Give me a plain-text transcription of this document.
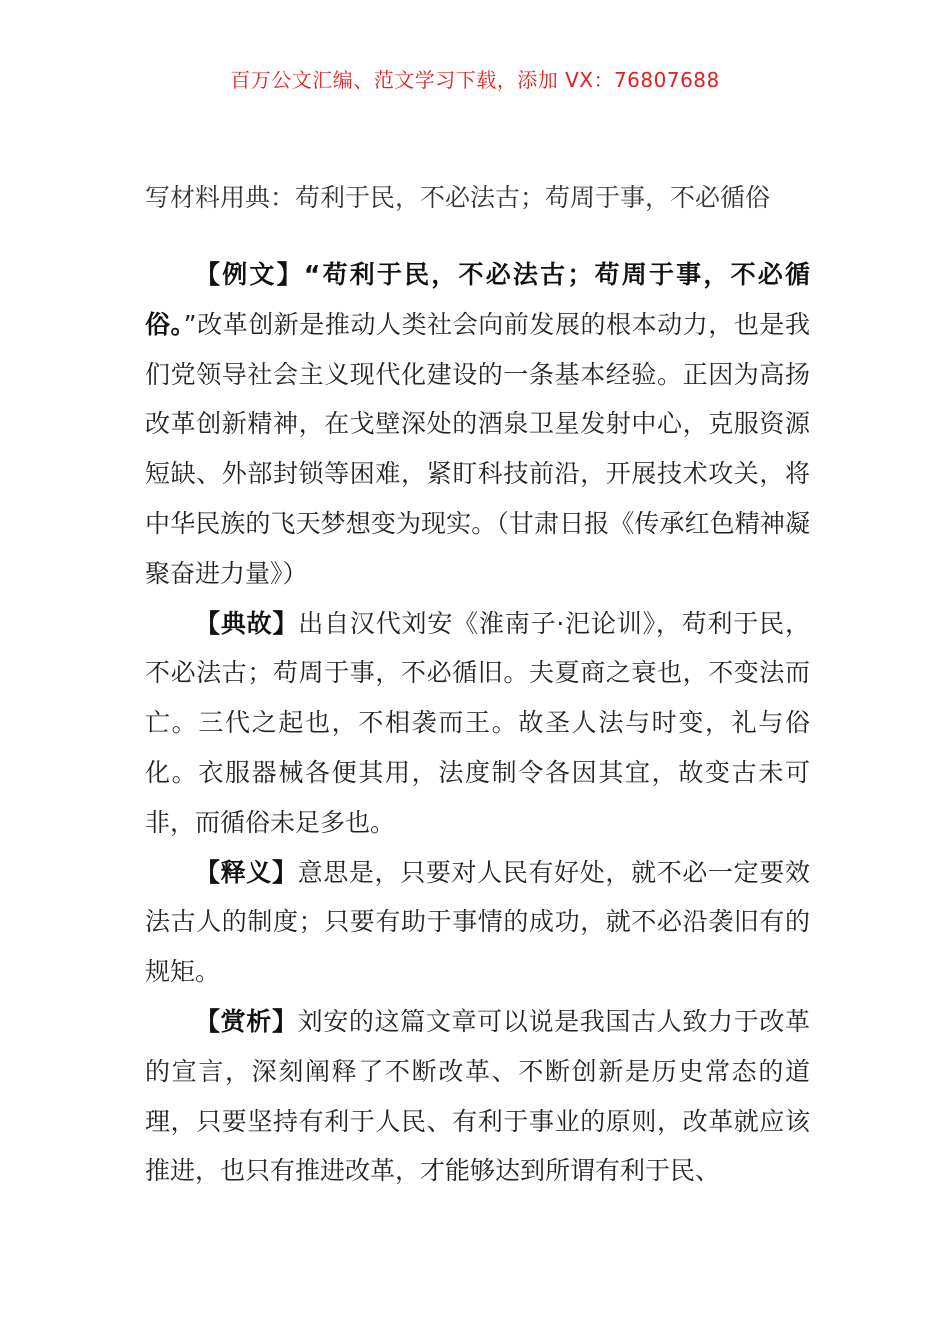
百万公文汇编、范文学习下载，添加 VX：76807688
写材料用典：苟利于民，不必法古；苟周于事，不必循俗

【例文】“苟利于民，不必法古；苟周于事，不必循俗。”改革创新是推动人类社会向前发展的根本动力，也是我们党领导社会主义现代化建设的一条基本经验。正因为高扬改革创新精神，在戈壁深处的酒泉卫星发射中心，克服资源短缺、外部封锁等困难，紧盯科技前沿，开展技术攻关，将中华民族的飞天梦想变为现实。（甘肃日报《传承红色精神凝聚奋进力量》）

【典故】出自汉代刘安《淮南子·汜论训》，苟利于民，不必法古；苟周于事，不必循旧。夫夏商之衰也，不变法而亡。三代之起也，不相袭而王。故圣人法与时变，礼与俗化。衣服器械各便其用，法度制令各因其宜，故变古未可非，而循俗未足多也。

【释义】意思是，只要对人民有好处，就不必一定要效法古人的制度；只要有助于事情的成功，就不必沿袭旧有的规矩。

【赏析】刘安的这篇文章可以说是我国古人致力于改革的宣言，深刻阐释了不断改革、不断创新是历史常态的道理，只要坚持有利于人民、有利于事业的原则，改革就应该推进，也只有推进改革，才能够达到所谓有利于民、
